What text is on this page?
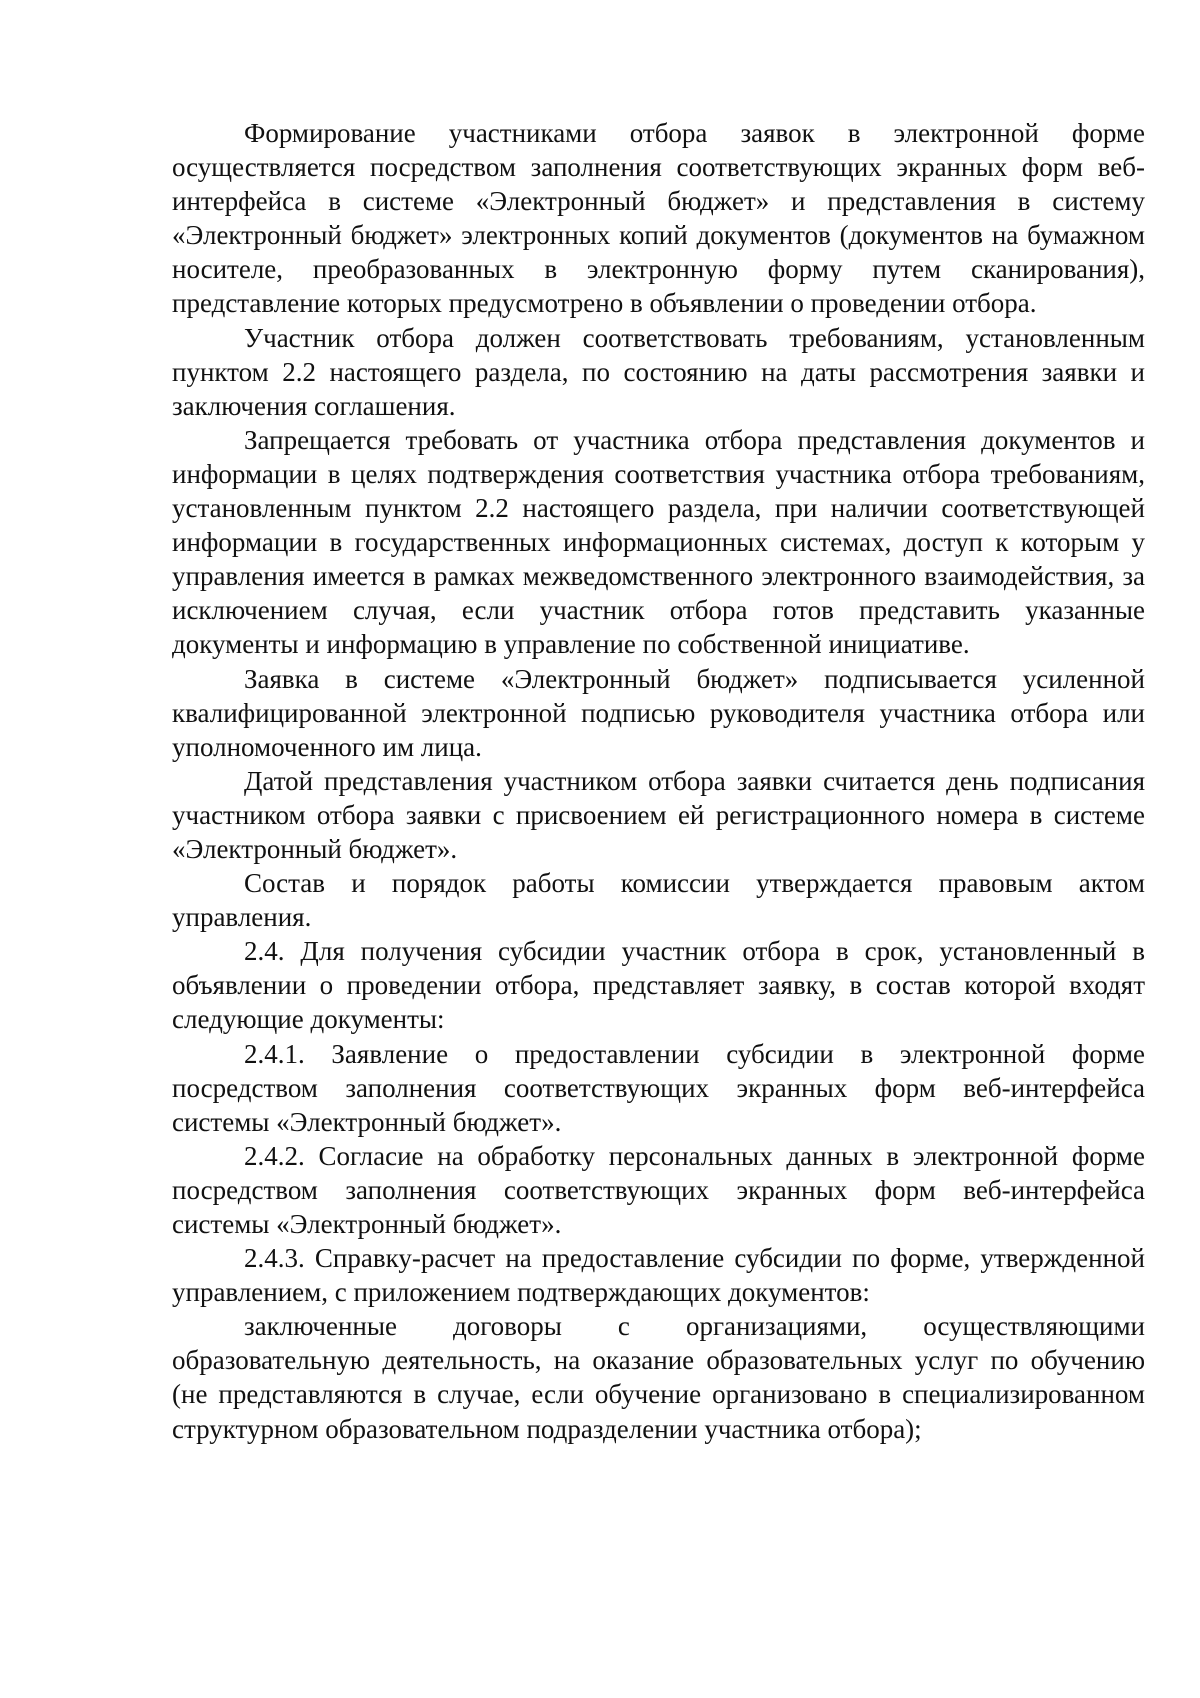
Формирование участниками отбора заявок в электронной форме осуществляется посредством заполнения соответствующих экранных форм веб-интерфейса в системе «Электронный бюджет» и представления в систему «Электронный бюджет» электронных копий документов (документов на бумажном носителе, преобразованных в электронную форму путем сканирования), представление которых предусмотрено в объявлении о проведении отбора.

Участник отбора должен соответствовать требованиям, установленным пунктом 2.2 настоящего раздела, по состоянию на даты рассмотрения заявки и заключения соглашения.

Запрещается требовать от участника отбора представления документов и информации в целях подтверждения соответствия участника отбора требованиям, установленным пунктом 2.2 настоящего раздела, при наличии соответствующей информации в государственных информационных системах, доступ к которым у управления имеется в рамках межведомственного электронного взаимодействия, за исключением случая, если участник отбора готов представить указанные документы и информацию в управление по собственной инициативе.

Заявка в системе «Электронный бюджет» подписывается усиленной квалифицированной электронной подписью руководителя участника отбора или уполномоченного им лица.

Датой представления участником отбора заявки считается день подписания участником отбора заявки с присвоением ей регистрационного номера в системе «Электронный бюджет».

Состав и порядок работы комиссии утверждается правовым актом управления.

2.4. Для получения субсидии участник отбора в срок, установленный в объявлении о проведении отбора, представляет заявку, в состав которой входят следующие документы:

2.4.1. Заявление о предоставлении субсидии в электронной форме посредством заполнения соответствующих экранных форм веб-интерфейса системы «Электронный бюджет».

2.4.2. Согласие на обработку персональных данных в электронной форме посредством заполнения соответствующих экранных форм веб-интерфейса системы «Электронный бюджет».

2.4.3. Справку-расчет на предоставление субсидии по форме, утвержденной управлением, с приложением подтверждающих документов:

заключенные договоры с организациями, осуществляющими образовательную деятельность, на оказание образовательных услуг по обучению (не представляются в случае, если обучение организовано в специализированном структурном образовательном подразделении участника отбора);
